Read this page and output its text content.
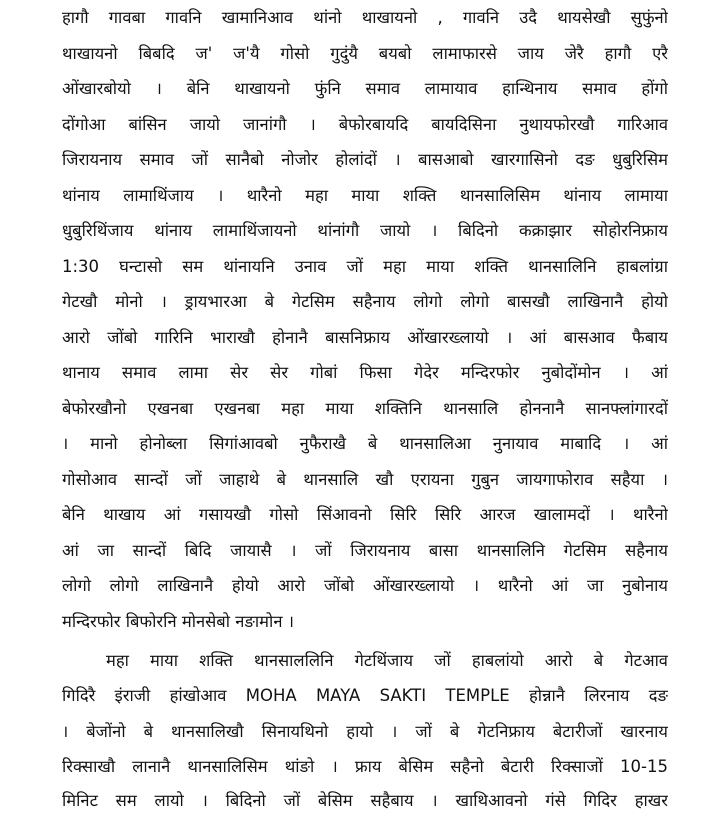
हागौ गावबा गावनि खामानिआव थांनो थाखायनो , गावनि उदै थायसेखौ सुफुंनो
थाखायनो बिबदि ज' ज'यै गोसो गुदुंयै बयबो लामाफारसे जाय जेरै हागौ एरै
ओंखारबोयो । बेनि थाखायनो फुंनि समाव लामायाव हान्थिनाय समाव होंगो
दोंगोआ बांसिन जायो जानांगौ । बेफोरबायदि बायदिसिना नुथायफोरखौ गारिआव
जिरायनाय समाव जों सानैबो नोजोर होलांदों । बासआबो खारगासिनो दङ धुबुरिसिम
थांनाय लामाथिंजाय । थारैनो महा माया शक्ति थानसालिसिम थांनाय लामाया
धुबुरिथिंजाय थांनाय लामाथिंजायनो थांनांगौ जायो । बिदिनो कक्राझार सोहोरनिफ्राय
1:30 घन्टासो सम थांनायनि उनाव जों महा माया शक्ति थानसालिनि हाबलांग्रा
गेटखौ मोनो । ड्रायभारआ बे गेटसिम सहैनाय लोगो लोगो बासखौ लाखिनानै होयो
आरो जोंबो गारिनि भाराखौ होनानै बासनिफ्राय ओंखारख्लायो । आं बासआव फैबाय
थानाय समाव लामा सेर सेर गोबां फिसा गेदेर मन्दिरफोर नुबोदोंमोन । आं
बेफोरखौनो एखनबा एखनबा महा माया शक्तिनि थानसालि होननानै सानफ्लांगारदों
। मानो होनोब्ला सिगांआवबो नुफैराखै बे थानसालिआ नुनायाव माबादि । आं
गोसोआव सान्दों जों जाहाथे बे थानसालि खौ एरायना गुबुन जायगाफोराव सहैया ।
बेनि थाखाय आं गसायखौ गोसो सिंआवनो सिरि सिरि आरज खालामदों । थारैनो
आं जा सान्दों बिदि जायासै । जों जिरायनाय बासा थानसालिनि गेटसिम सहैनाय
लोगो लोगो लाखिनानै होयो आरो जोंबो ओंखारख्लायो । थारैनो आं जा नुबोनाय
मन्दिरफोर बिफोरनि मोनसेबो नङामोन ।
महा माया शक्ति थानसाललिनि गेटथिंजाय जों हाबलांयो आरो बे गेटआव
गिदिरै इंराजी हांखोआव MOHA MAYA SAKTI TEMPLE होन्नानै लिरनाय दङ
। बेजोंनो बे थानसालिखौ सिनायथिनो हायो । जों बे गेटनिफ्राय बेटारीजों खारनाय
रिक्साखौ लानानै थानसालिसिम थांङो । फ्राय बेसिम सहैनो बेटारी रिक्साजों 10-15
मिनिट सम लायो । बिदिनो जों बेसिम सहैबाय । खाथिआवनो गंसे गिदिर हाखर
